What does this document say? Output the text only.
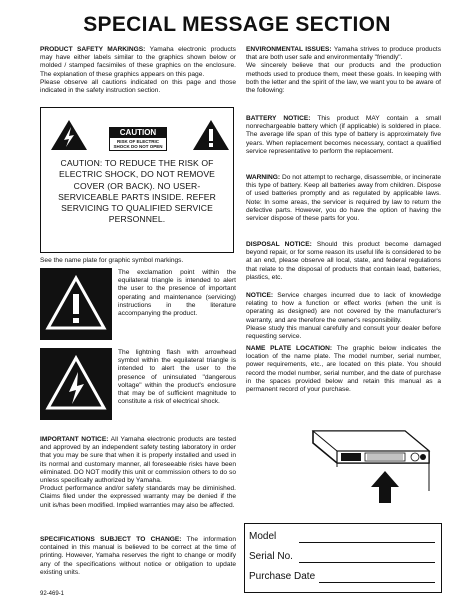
SPECIAL MESSAGE SECTION

PRODUCT SAFETY MARKINGS: Yamaha electronic products may have either labels similar to the graphics shown below or molded / stamped facsimiles of these graphics on the enclosure. The explanation of these graphics appears on this page.

Please observe all cautions indicated on this page and those indicated in the safety instruction section.

CAUTION
RISK OF ELECTRIC SHOCK DO NOT OPEN
CAUTION: TO REDUCE THE RISK OF ELECTRIC SHOCK, DO NOT REMOVE COVER (OR BACK). NO USER-SERVICEABLE PARTS INSIDE. REFER SERVICING TO QUALIFIED SERVICE PERSONNEL.
See the name plate for graphic symbol markings.
The exclamation point within the equilateral triangle is intended to alert the user to the presence of important operating and maintenance (servicing) instructions in the literature accompanying the product.
The lightning flash with arrowhead symbol within the equilateral triangle is intended to alert the user to the presence of uninsulated "dangerous voltage" within the product's enclosure that may be of sufficient magnitude to constitute a risk of electrical shock.

IMPORTANT NOTICE: All Yamaha electronic products are tested and approved by an independent safety testing laboratory in order that you may be sure that when it is properly installed and used in its normal and customary manner, all foreseeable risks have been eliminated. DO NOT modify this unit or commission others to do so unless specifically authorized by Yamaha.

Product performance and/or safety standards may be diminished. Claims filed under the expressed warranty may be denied if the unit is/has been modified. Implied warranties may also be affected.

SPECIFICATIONS SUBJECT TO CHANGE: The information contained in this manual is believed to be correct at the time of printing. However, Yamaha reserves the right to change or modify any of the specifications without notice or obligation to update existing units.

ENVIRONMENTAL ISSUES: Yamaha strives to produce products that are both user safe and environmentally "friendly".

We sincerely believe that our products and the production methods used to produce them, meet these goals. In keeping with both the letter and the spirit of the law, we want you to be aware of the following:

BATTERY NOTICE: This product MAY contain a small nonrechargeable battery which (if applicable) is soldered in place. The average life span of this type of battery is approximately five years. When replacement becomes necessary, contact a qualified service representative to perform the replacement.

WARNING: Do not attempt to recharge, disassemble, or incinerate this type of battery. Keep all batteries away from children. Dispose of used batteries promptly and as regulated by applicable laws. Note: In some areas, the servicer is required by law to return the defective parts. However, you do have the option of having the servicer dispose of these parts for you.

DISPOSAL NOTICE: Should this product become damaged beyond repair, or for some reason its useful life is considered to be at an end, please observe all local, state, and federal regulations that relate to the disposal of products that contain lead, batteries, plastics, etc.

NOTICE: Service charges incurred due to lack of knowledge relating to how a function or effect works (when the unit is operating as designed) are not covered by the manufacturer's warranty, and are therefore the owner's responsibility.

Please study this manual carefully and consult your dealer before requesting service.

NAME PLATE LOCATION: The graphic below indicates the location of the name plate. The model number, serial number, power requirements, etc., are located on this plate. You should record the model number, serial number, and the date of purchase in the spaces provided below and retain this manual as a permanent record of your purchase.

Model
Serial No.
Purchase Date
92-469-1
